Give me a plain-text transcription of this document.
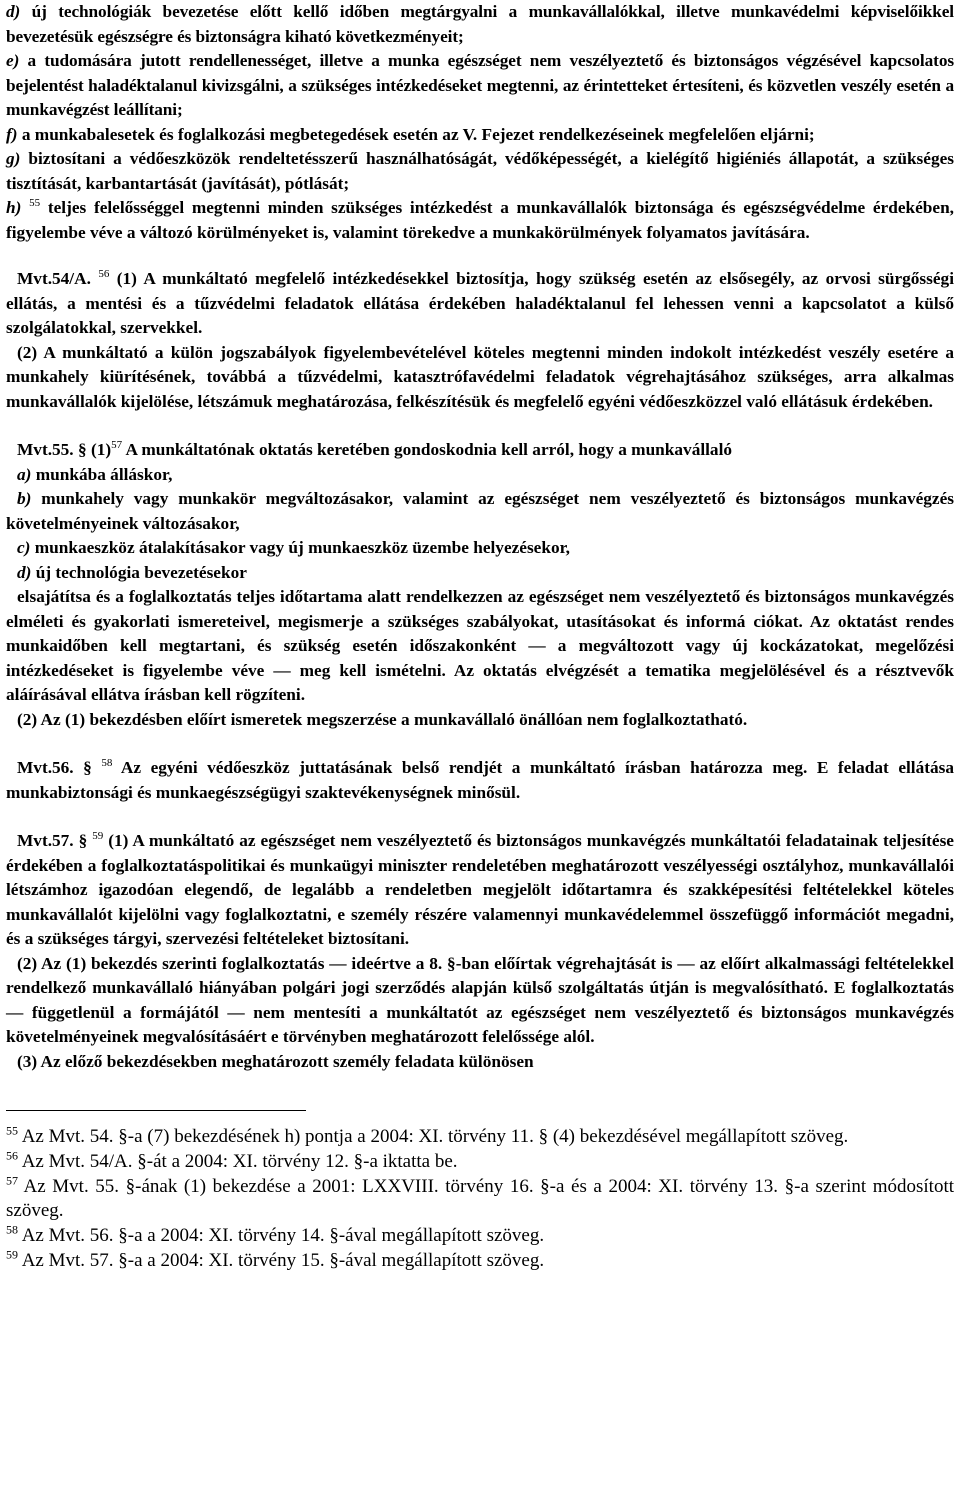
d) új technológiák bevezetése előtt kellő időben megtárgyalni a munkavállalókkal, illetve munkavédelmi képviselőikkel bevezetésük egészségre és biztonságra kiható következményeit;

e) a tudomására jutott rendellenességet, illetve a munka egészséget nem veszélyeztető és biztonságos végzésével kapcsolatos bejelentést haladéktalanul kivizsgálni, a szükséges intézkedéseket megtenni, az érintetteket értesíteni, és közvetlen veszély esetén a munkavégzést leállítani;

f) a munkabalesetek és foglalkozási megbetegedések esetén az V. Fejezet rendelkezéseinek megfelelően eljárni;

g) biztosítani a védőeszközök rendeltetésszerű használhatóságát, védőképességét, a kielégítő higiéniés állapotát, a szükséges tisztítását, karbantartását (javítását), pótlását;

h) $^{55}$ teljes felelősséggel megtenni minden szükséges intézkedést a munkavállalók biztonsága és egészségvédelme érdekében, figyelembe véve a változó körülményeket is, valamint törekedve a munkakörülmények folyamatos javítására.

Mvt.54/A. $^{56}$ (1) A munkáltató megfelelő intézkedésekkel biztosítja, hogy szükség esetén az elsősegély, az orvosi sürgősségi ellátás, a mentési és a tűzvédelmi feladatok ellátása érdekében haladéktalanul fel lehessen venni a kapcsolatot a külső szolgálatokkal, szervekkel.

(2) A munkáltató a külön jogszabályok figyelembevételével köteles megtenni minden indokolt intézkedést veszély esetére a munkahely kiürítésének, továbbá a tűzvédelmi, katasztrófavédelmi feladatok végrehajtásához szükséges, arra alkalmas munkavállalók kijelölése, létszámuk meghatározása, felkészítésük és megfelelő egyéni védőeszközzel való ellátásuk érdekében.

Mvt.55. § $(1)^{57}$ A munkáltatónak oktatás keretében gondoskodnia kell arról, hogy a munkavállaló

a) munkába álláskor,

b) munkahely vagy munkakör megváltozásakor, valamint az egészséget nem veszélyeztető és biztonságos munkavégzés követelményeinek változásakor,

c) munkaeszköz átalakításakor vagy új munkaeszköz üzembe helyezésekor,

d) új technológia bevezetésekor

elsajátítsa és a foglalkoztatás teljes időtartama alatt rendelkezzen az egészséget nem veszélyeztető és biztonságos munkavégzés elméleti és gyakorlati ismereteivel, megismerje a szükséges szabályokat, utasításokat és informá ciókat. Az oktatást rendes munkaidőben kell megtartani, és szükség esetén időszakonként — a megváltozott vagy új kockázatokat, megelőzési intézkedéseket is figyelembe véve — meg kell ismételni. Az oktatás elvégzését a tematika megjelölésével és a résztvevők aláírásával ellátva írásban kell rögzíteni.

(2) Az (1) bekezdésben előírt ismeretek megszerzése a munkavállaló önállóan nem foglalkoztatható.

Mvt.56. § $^{58}$ Az egyéni védőeszköz juttatásának belső rendjét a munkáltató írásban határozza meg. E feladat ellátása munkabiztonsági és munkaegészségügyi szaktevékenységnek minősül.

Mvt.57. § $^{59}$ (1) A munkáltató az egészséget nem veszélyeztető és biztonságos munkavégzés munkáltatói feladatainak teljesítése érdekében a foglalkoztatáspolitikai és munkaügyi miniszter rendeletében meghatározott veszélyességi osztályhoz, munkavállalói létszámhoz igazodóan elegendő, de legalább a rendeletben megjelölt időtartamra és szakképesítési feltételekkel köteles munkavállalót kijelölni vagy foglalkoztatni, e személy részére valamennyi munkavédelemmel összefüggő információt megadni, és a szükséges tárgyi, szervezési feltételeket biztosítani.

(2) Az (1) bekezdés szerinti foglalkoztatás — ideértve a 8. §-ban előírtak végrehajtását is — az előírt alkalmassági feltételekkel rendelkező munkavállaló hiányában polgári jogi szerződés alapján külső szolgáltatás útján is megvalósítható. E foglalkoztatás — függetlenül a formájától — nem mentesíti a munkáltatót az egészséget nem veszélyeztető és biztonságos munkavégzés követelményeinek megvalósításáért e törvényben meghatározott felelőssége alól.

(3) Az előző bekezdésekben meghatározott személy feladata különösen

$^{55}$ Az Mvt. 54. §-a (7) bekezdésének h) pontja a 2004: XI. törvény 11. § (4) bekezdésével megállapított szöveg.

$^{56}$ Az Mvt. 54/A. §-át a 2004: XI. törvény 12. §-a iktatta be.

$^{57}$ Az Mvt. 55. §-ának (1) bekezdése a 2001: LXXVIII. törvény 16. §-a és a 2004: XI. törvény 13. §-a szerint módosított szöveg.

$^{58}$ Az Mvt. 56. §-a a 2004: XI. törvény 14. §-ával megállapított szöveg.

$^{59}$ Az Mvt. 57. §-a a 2004: XI. törvény 15. §-ával megállapított szöveg.
